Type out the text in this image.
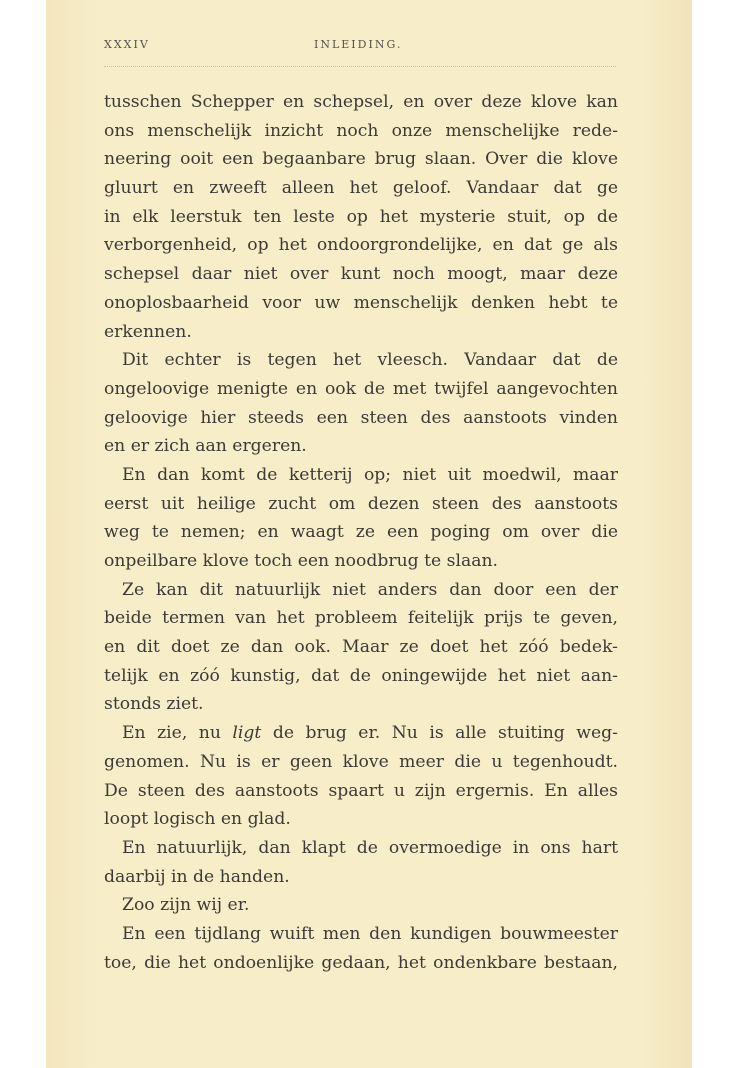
XXXIV	INLEIDING.
tusschen Schepper en schepsel, en over deze klove kan
ons menschelijk inzicht noch onze menschelijke rede-
neering ooit een begaanbare brug slaan. Over die klove
gluurt en zweeft alleen het geloof. Vandaar dat ge
in elk leerstuk ten leste op het mysterie stuit, op de
verborgenheid, op het ondoorgrondelijke, en dat ge als
schepsel daar niet over kunt noch moogt, maar deze
onoplosbaarheid voor uw menschelijk denken hebt te
erkennen.
Dit echter is tegen het vleesch. Vandaar dat de
ongeloovige menigte en ook de met twijfel aangevochten
geloovige hier steeds een steen des aanstoots vinden
en er zich aan ergeren.
En dan komt de ketterij op; niet uit moedwil, maar
eerst uit heilige zucht om dezen steen des aanstoots
weg te nemen; en waagt ze een poging om over die
onpeilbare klove toch een noodbrug te slaan.
Ze kan dit natuurlijk niet anders dan door een der
beide termen van het probleem feitelijk prijs te geven,
en dit doet ze dan ook. Maar ze doet het zóó bedek-
telijk en zóó kunstig, dat de oningewijde het niet aan-
stonds ziet.
En zie, nu ligt de brug er. Nu is alle stuiting weg-
genomen. Nu is er geen klove meer die u tegenhoudt.
De steen des aanstoots spaart u zijn ergernis. En alles
loopt logisch en glad.
En natuurlijk, dan klapt de overmoedige in ons hart
daarbij in de handen.
Zoo zijn wij er.
En een tijdlang wuift men den kundigen bouwmeester
toe, die het ondoenlijke gedaan, het ondenkbare bestaan,
